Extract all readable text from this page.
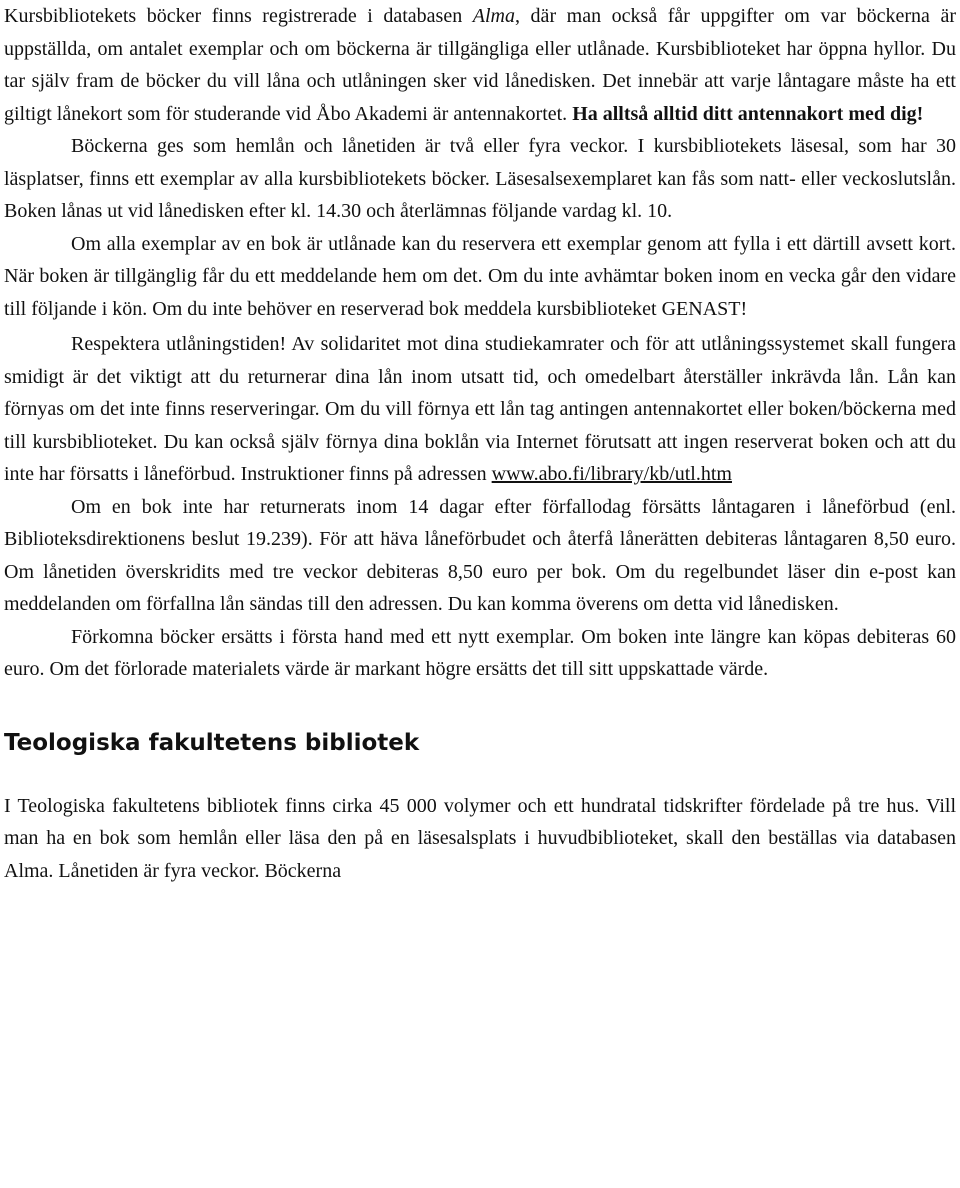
Kursbibliotekets böcker finns registrerade i databasen Alma, där man också får uppgifter om var böckerna är uppställda, om antalet exemplar och om böckerna är tillgängliga eller utlånade. Kursbiblioteket har öppna hyllor. Du tar själv fram de böcker du vill låna och utlåningen sker vid lånedisken. Det innebär att varje låntagare måste ha ett giltigt lånekort som för studerande vid Åbo Akademi är antennakortet. Ha alltså alltid ditt antennakort med dig!

Böckerna ges som hemlån och lånetiden är två eller fyra veckor. I kursbibliotekets läsesal, som har 30 läsplatser, finns ett exemplar av alla kursbibliotekets böcker. Läsesalsexemplaret kan fås som natt- eller veckoslutslån. Boken lånas ut vid lånedisken efter kl. 14.30 och återlämnas följande vardag kl. 10.

Om alla exemplar av en bok är utlånade kan du reservera ett exemplar genom att fylla i ett därtill avsett kort. När boken är tillgänglig får du ett meddelande hem om det. Om du inte avhämtar boken inom en vecka går den vidare till följande i kön. Om du inte behöver en reserverad bok meddela kursbiblioteket GENAST!

Respektera utlåningstiden! Av solidaritet mot dina studiekamrater och för att utlåningssystemet skall fungera smidigt är det viktigt att du returnerar dina lån inom utsatt tid, och omedelbart återställer inkrävda lån. Lån kan förnyas om det inte finns reserveringar. Om du vill förnya ett lån tag antingen antennakortet eller boken/böckerna med till kursbiblioteket. Du kan också själv förnya dina boklån via Internet förutsatt att ingen reserverat boken och att du inte har försatts i låneförbud. Instruktioner finns på adressen www.abo.fi/library/kb/utl.htm

Om en bok inte har returnerats inom 14 dagar efter förfallodag försätts låntagaren i låneförbud (enl. Biblioteksdirektionens beslut 19.239). För att häva låneförbudet och återfå lånerätten debiteras låntagaren 8,50 euro. Om lånetiden överskridits med tre veckor debiteras 8,50 euro per bok. Om du regelbundet läser din e-post kan meddelanden om förfallna lån sändas till den adressen. Du kan komma överens om detta vid lånedisken.

Förkomna böcker ersätts i första hand med ett nytt exemplar. Om boken inte längre kan köpas debiteras 60 euro. Om det förlorade materialets värde är markant högre ersätts det till sitt uppskattade värde.

Teologiska fakultetens bibliotek

I Teologiska fakultetens bibliotek finns cirka 45 000 volymer och ett hundratal tidskrifter fördelade på tre hus. Vill man ha en bok som hemlån eller läsa den på en läsesalsplats i huvudbiblioteket, skall den beställas via databasen Alma. Lånetiden är fyra veckor. Böckerna
